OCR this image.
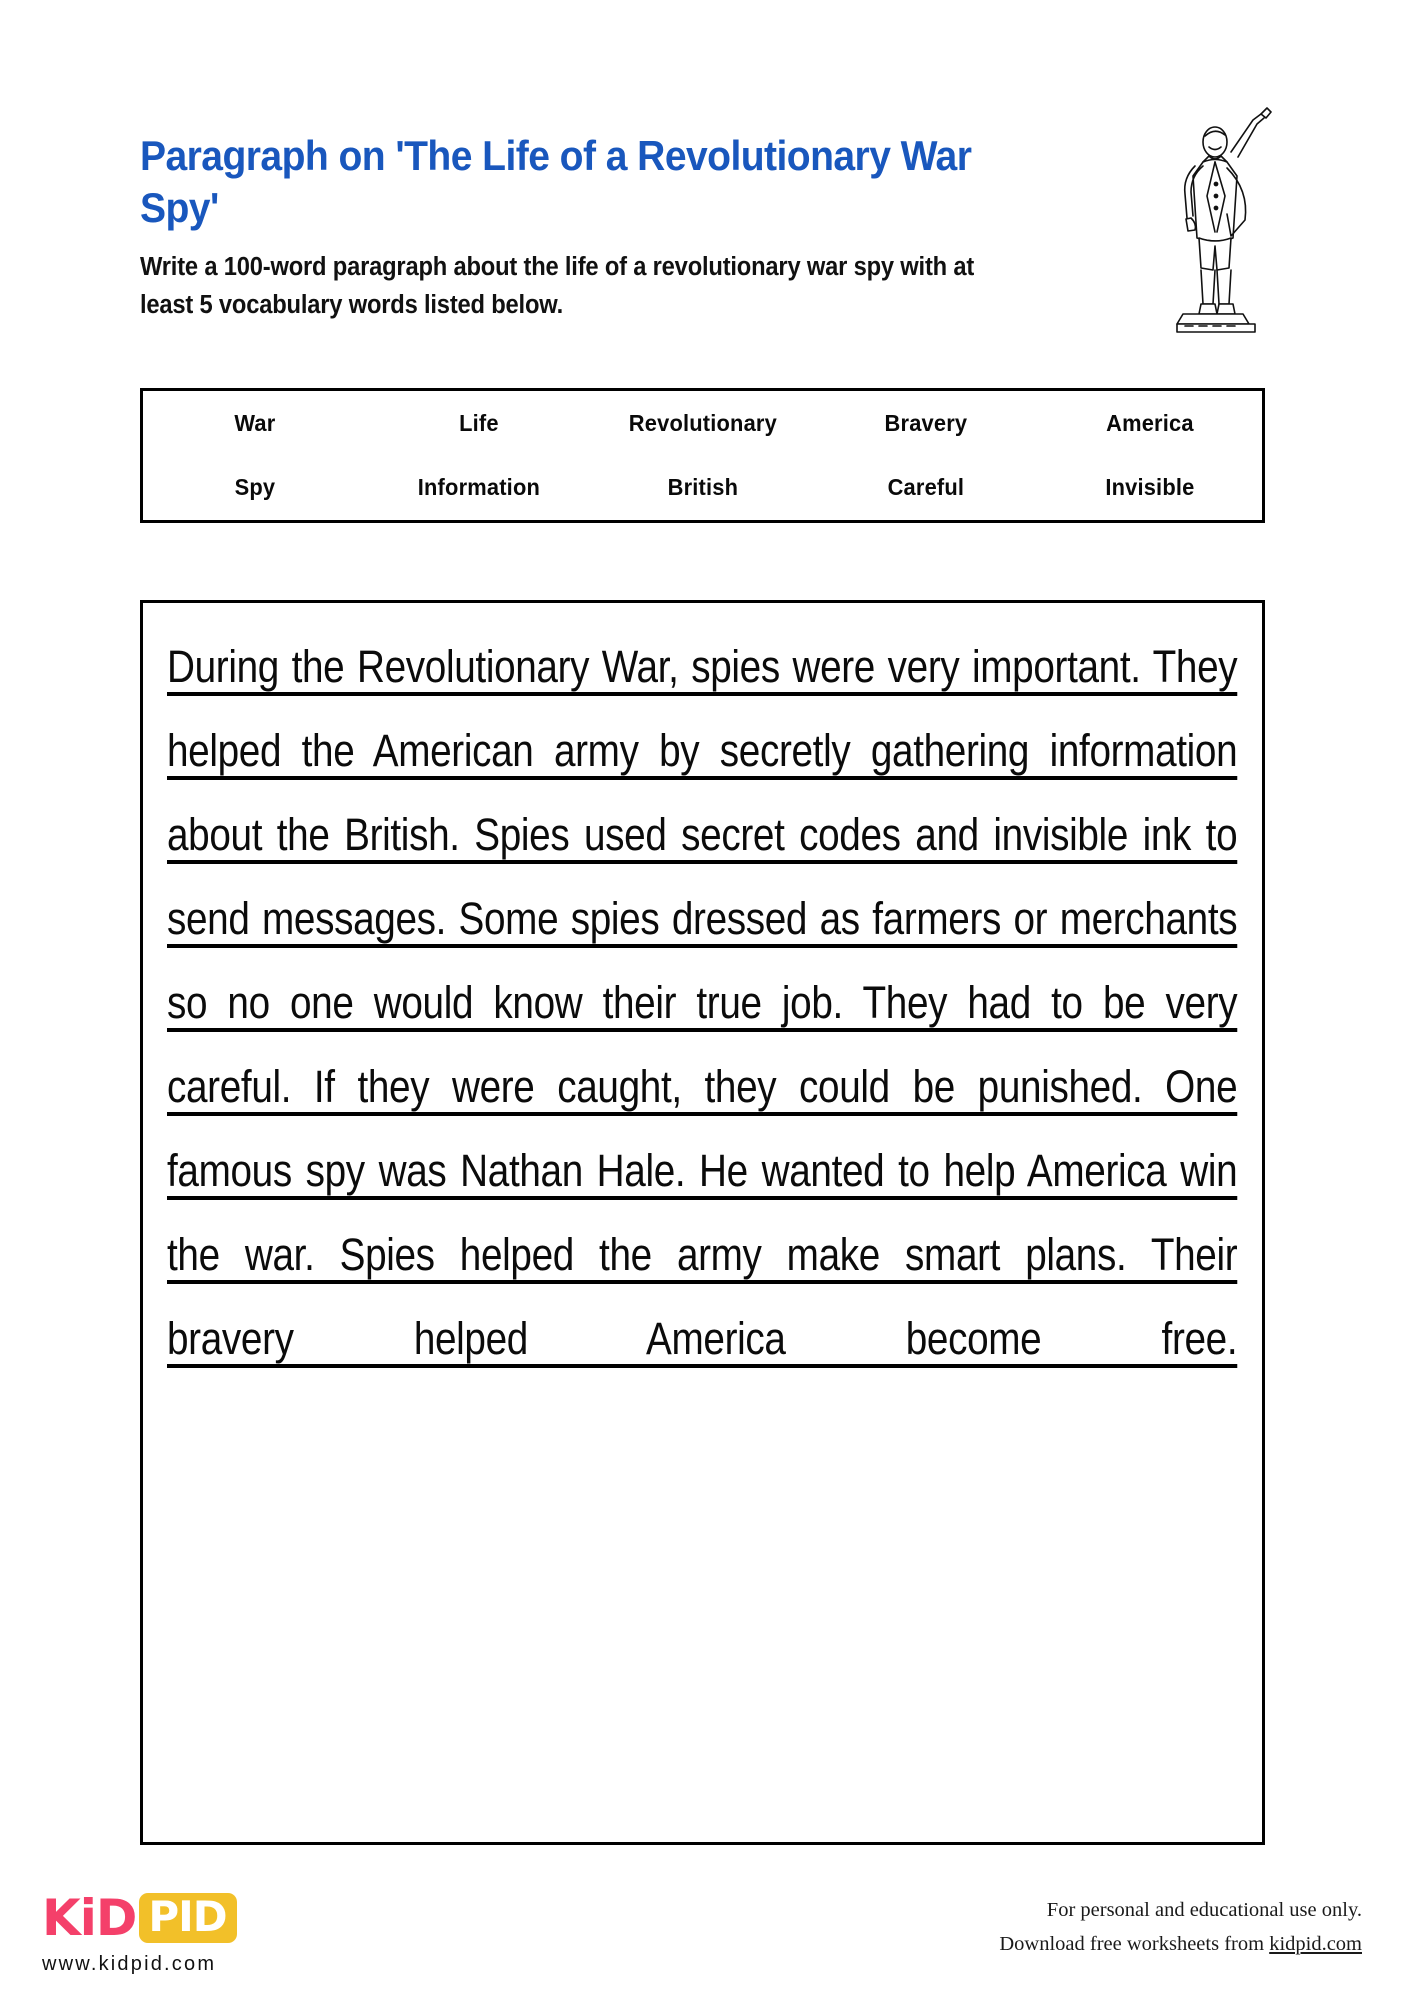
Paragraph on 'The Life of a Revolutionary War Spy'
Write a 100-word paragraph about the life of a revolutionary war spy with at least 5 vocabulary words listed below.
War	Life	Revolutionary	Bravery	America
Spy	Information	British	Careful	Invisible
During the Revolutionary War, spies were very important. They helped the American army by secretly gathering information about the British. Spies used secret codes and invisible ink to send messages. Some spies dressed as farmers or merchants so no one would know their true job. They had to be very careful. If they were caught, they could be punished. One famous spy was Nathan Hale. He wanted to help America win the war. Spies helped the army make smart plans. Their bravery helped America become free.
KiD PID
www.kidpid.com
For personal and educational use only.
Download free worksheets from kidpid.com
